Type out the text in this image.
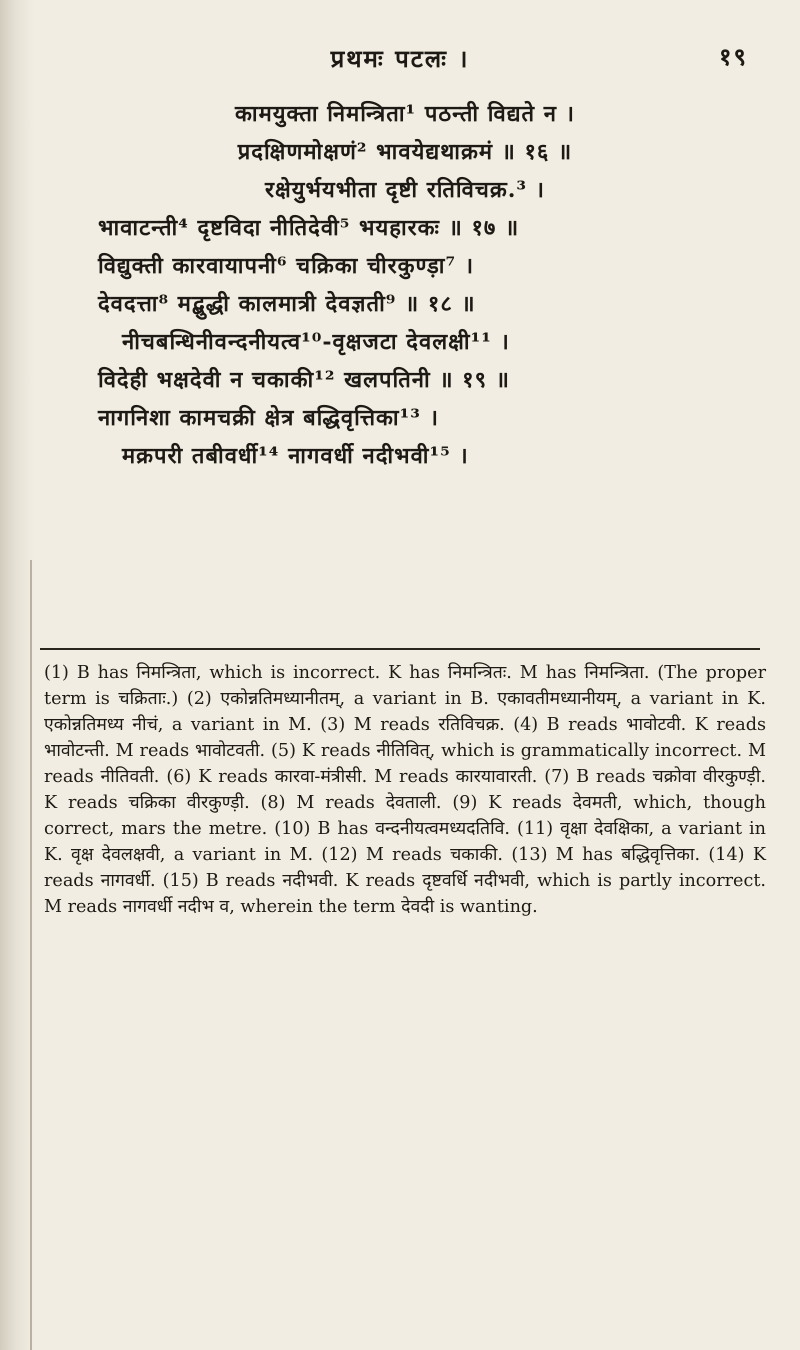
प्रथमः पटलः ।	१९
कामयुक्ता निमन्त्रिता¹ पठन्ती विद्यते न ।
प्रदक्षिणमोक्षणं² भावयेद्यथाक्रमं ॥ १६ ॥
रक्षेयुर्भयभीता दृष्टी रतिविचक्र.³ ।
भावाटन्ती⁴ दृष्टविदा नीतिदेवी⁵ भयहारकः ॥ १७ ॥
विद्युक्ती कारवायापनी⁶ चक्रिका चीरकुण्ड़ा⁷ ।
देवदत्ता⁸ मद्बुद्धी कालमात्री देवज्ञती⁹ ॥ १८ ॥
नीचबन्धिनीवन्दनीयत्व¹⁰-वृक्षजटा देवलक्षी¹¹ ।
विदेही भक्षदेवी न चकाकी¹² खलपतिनी ॥ १९ ॥
नागनिशा कामचक्री क्षेत्र बद्धिवृत्तिका¹³ ।
मक्रपरी तबीवर्धी¹⁴ नागवर्धी नदीभवी¹⁵ ।

(1) B has निमन्त्रिता, which is incorrect. K has निमन्त्रितः. M has निमन्त्रिता. (The proper term is चक्रिताः.) (2) एकोन्नतिमध्यानीतम्, a variant in B. एकावतीमध्यानीयम्, a variant in K. एकोन्नतिमध्य नीचं, a variant in M. (3) M reads रतिविचक्र. (4) B reads भावोटवी. K reads भावोटन्ती. M reads भावोटवती. (5) K reads नीतिवित्, which is grammatically incorrect. M reads नीतिवती. (6) K reads कारवा-मंत्रीसी. M reads कारयावारती. (7) B reads चक्रोवा वीरकुण्ड़ी. K reads चक्रिका वीरकुण्ड़ी. (8) M reads देवताली. (9) K reads देवमती, which, though correct, mars the metre. (10) B has वन्दनीयत्वमध्यदतिवि. (11) वृक्षा देवक्षिका, a variant in K. वृक्ष देवलक्षवी, a variant in M. (12) M reads चकाकी. (13) M has बद्धिवृत्तिका. (14) K reads नागवर्धी. (15) B reads नदीभवी. K reads दृष्टवर्धि नदीभवी, which is partly incorrect. M reads नागवर्धी नदीभ व, wherein the term देवदी is wanting.
